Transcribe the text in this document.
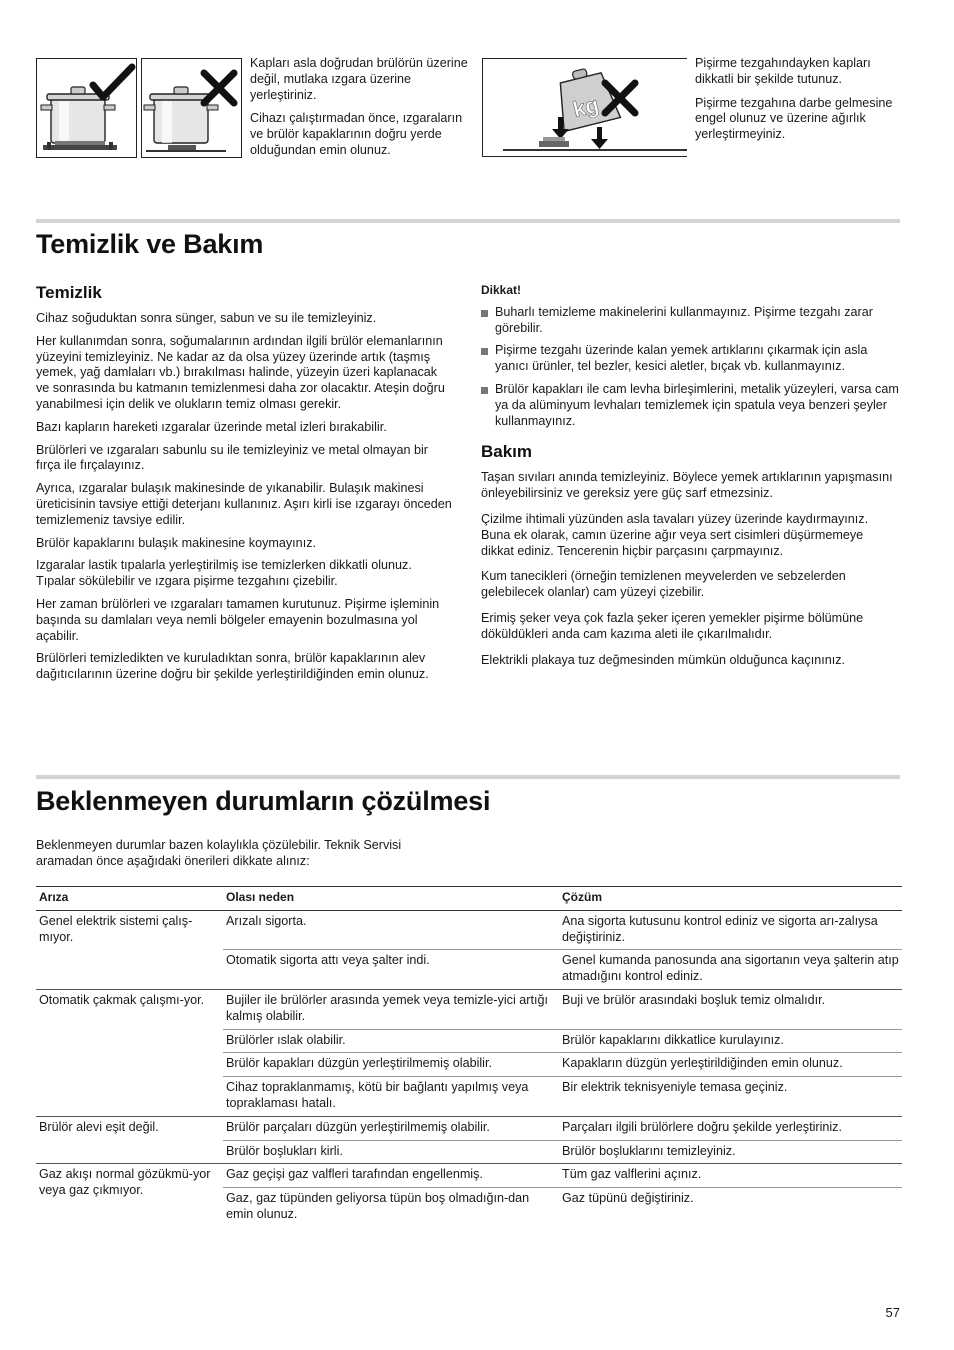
Kapları asla doğrudan brülörün üzerine değil, mutlaka ızgara üzerine yerleştiriniz.

Cihazı çalıştırmadan önce, ızgaraların ve brülör kapaklarının doğru yerde olduğundan emin olunuz.

kg

Pişirme tezgahındayken kapları dikkatli bir şekilde tutunuz.

Pişirme tezgahına darbe gelmesine engel olunuz ve üzerine ağırlık yerleştirmeyiniz.

Temizlik ve Bakım
Temizlik

Cihaz soğuduktan sonra sünger, sabun ve su ile temizleyiniz.

Her kullanımdan sonra, soğumalarının ardından ilgili brülör elemanlarının yüzeyini temizleyiniz. Ne kadar az da olsa yüzey üzerinde artık (taşmış yemek, yağ damlaları vb.) bırakılması halinde, yüzeyin üzeri kaplanacak ve sonrasında bu katmanın temizlenmesi daha zor olacaktır. Ateşin doğru yanabilmesi için delik ve olukların temiz olması gerekir.

Bazı kapların hareketi ızgaralar üzerinde metal izleri bırakabilir.

Brülörleri ve ızgaraları sabunlu su ile temizleyiniz ve metal olmayan bir fırça ile fırçalayınız.

Ayrıca, ızgaralar bulaşık makinesinde de yıkanabilir. Bulaşık makinesi üreticisinin tavsiye ettiği deterjanı kullanınız. Aşırı kirli ise ızgarayı önceden temizlemeniz tavsiye edilir.

Brülör kapaklarını bulaşık makinesine koymayınız.

Izgaralar lastik tıpalarla yerleştirilmiş ise temizlerken dikkatli olunuz. Tıpalar sökülebilir ve ızgara pişirme tezgahını çizebilir.

Her zaman brülörleri ve ızgaraları tamamen kurutunuz. Pişirme işleminin başında su damlaları veya nemli bölgeler emayenin bozulmasına yol açabilir.

Brülörleri temizledikten ve kuruladıktan sonra, brülör kapaklarının alev dağıtıcılarının üzerine doğru bir şekilde yerleştirildiğinden emin olunuz.

Dikkat!
Buharlı temizleme makinelerini kullanmayınız. Pişirme tezgahı zarar görebilir.
Pişirme tezgahı üzerinde kalan yemek artıklarını çıkarmak için asla yanıcı ürünler, tel bezler, kesici aletler, bıçak vb. kullanmayınız.
Brülör kapakları ile cam levha birleşimlerini, metalik yüzeyleri, varsa cam ya da alüminyum levhaları temizlemek için spatula veya benzeri şeyler kullanmayınız.
Bakım

Taşan sıvıları anında temizleyiniz. Böylece yemek artıklarının yapışmasını önleyebilirsiniz ve gereksiz yere güç sarf etmezsiniz.

Çizilme ihtimali yüzünden asla tavaları yüzey üzerinde kaydırmayınız. Buna ek olarak, camın üzerine ağır veya sert cisimleri düşürmemeye dikkat ediniz. Tencerenin hiçbir parçasını çarpmayınız.

Kum tanecikleri (örneğin temizlenen meyvelerden ve sebzelerden gelebilecek olanlar) cam yüzeyi çizebilir.

Erimiş şeker veya çok fazla şeker içeren yemekler pişirme bölümüne döküldükleri anda cam kazıma aleti ile çıkarılmalıdır.

Elektrikli plakaya tuz değmesinden mümkün olduğunca kaçınınız.

Beklenmeyen durumların çözülmesi

Beklenmeyen durumlar bazen kolaylıkla çözülebilir. Teknik Servisi aramadan önce aşağıdaki önerileri dikkate alınız:

Arıza	Olası neden	Çözüm
Genel elektrik sistemi çalış-mıyor.	Arızalı sigorta.	Ana sigorta kutusunu kontrol ediniz ve sigorta arı-zalıysa değiştiriniz.
	Otomatik sigorta attı veya şalter indi.	Genel kumanda panosunda ana sigortanın veya şalterin atıp atmadığını kontrol ediniz.
Otomatik çakmak çalışmı-yor.	Bujiler ile brülörler arasında yemek veya temizle-yici artığı kalmış olabilir.	Buji ve brülör arasındaki boşluk temiz olmalıdır.
	Brülörler ıslak olabilir.	Brülör kapaklarını dikkatlice kurulayınız.
	Brülör kapakları düzgün yerleştirilmemiş olabilir.	Kapakların düzgün yerleştirildiğinden emin olunuz.
	Cihaz topraklanmamış, kötü bir bağlantı yapılmış veya topraklaması hatalı.	Bir elektrik teknisyeniyle temasa geçiniz.
Brülör alevi eşit değil.	Brülör parçaları düzgün yerleştirilmemiş olabilir.	Parçaları ilgili brülörlere doğru şekilde yerleştiriniz.
	Brülör boşlukları kirli.	Brülör boşluklarını temizleyiniz.
Gaz akışı normal gözükmü-yor veya gaz çıkmıyor.	Gaz geçişi gaz valfleri tarafından engellenmiş.	Tüm gaz valflerini açınız.
	Gaz, gaz tüpünden geliyorsa tüpün boş olmadığın-dan emin olunuz.	Gaz tüpünü değiştiriniz.
57
